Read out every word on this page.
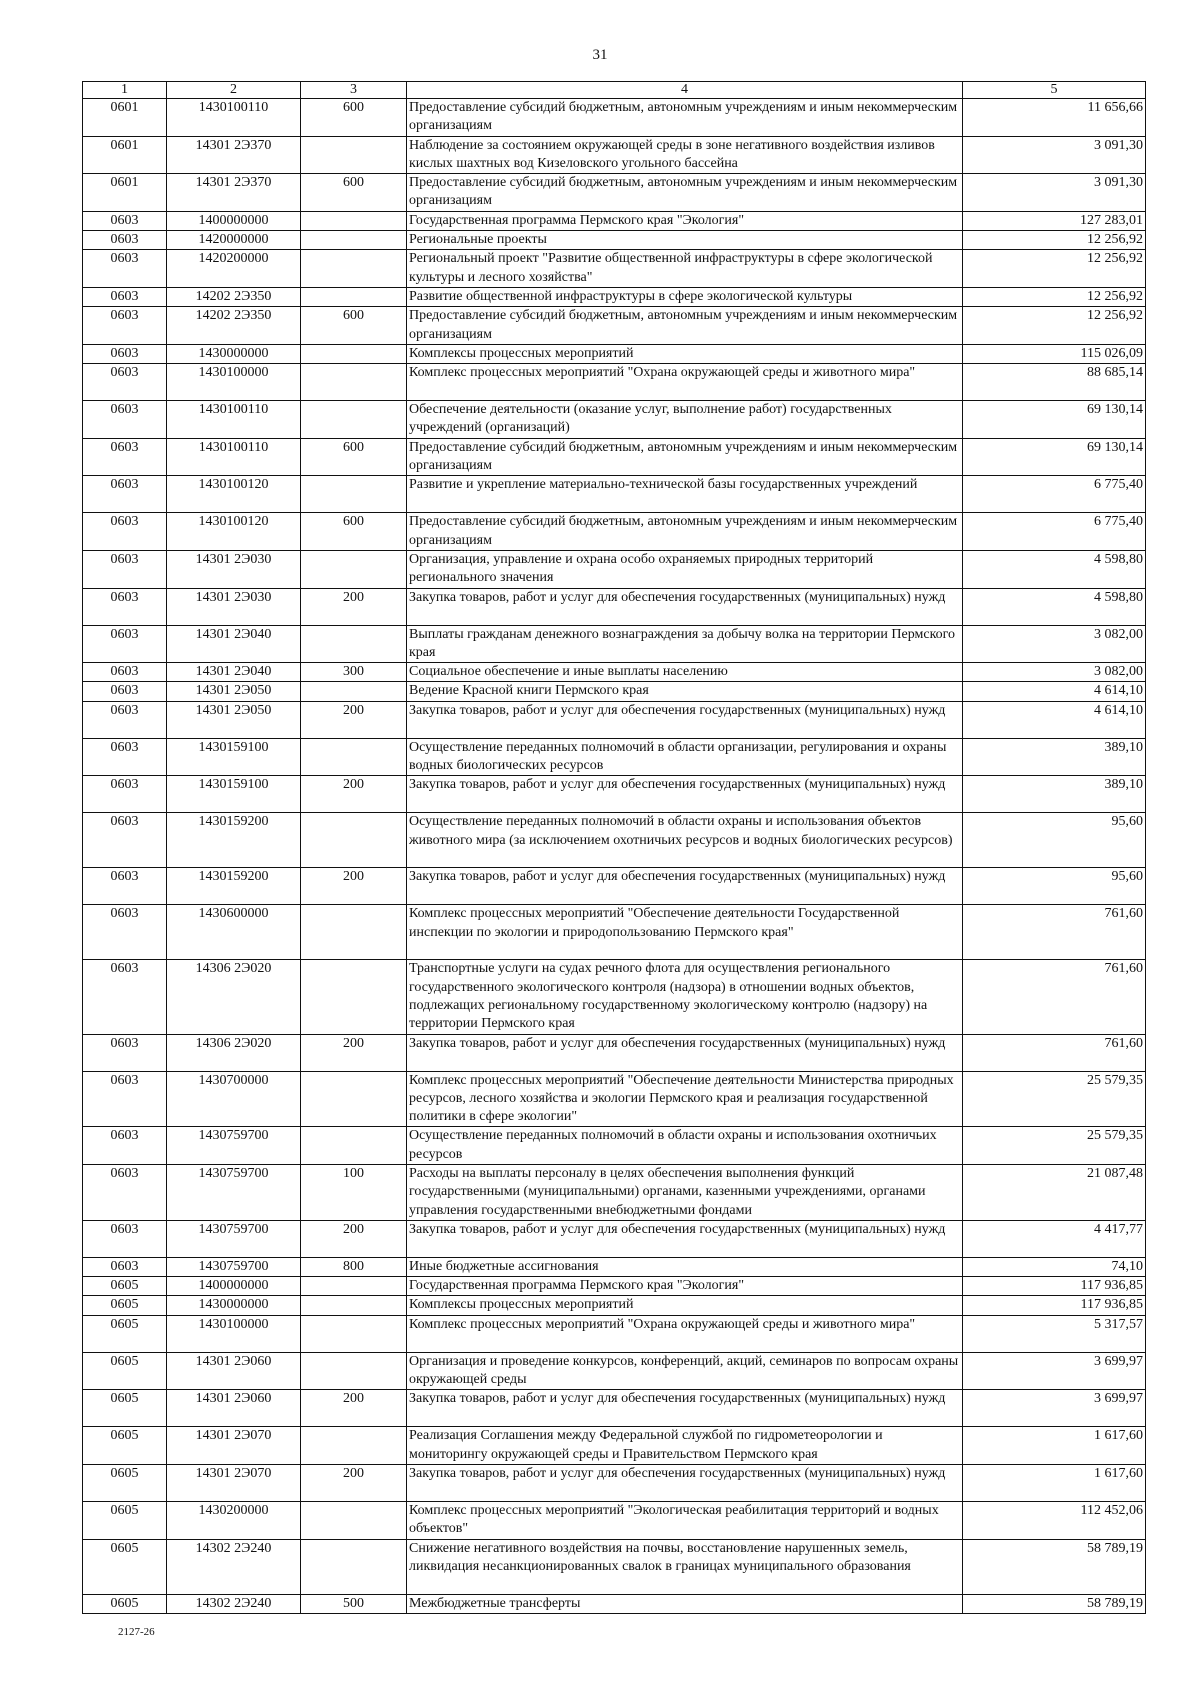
31
1	2	3	4	5
0601	1430100110	600	Предоставление субсидий бюджетным, автономным учреждениям и иным некоммерческим организациям	11 656,66
0601	14301 2Э370		Наблюдение за состоянием окружающей среды в зоне негативного воздействия изливов кислых шахтных вод Кизеловского угольного бассейна	3 091,30
0601	14301 2Э370	600	Предоставление субсидий бюджетным, автономным учреждениям и иным некоммерческим организациям	3 091,30
0603	1400000000		Государственная программа Пермского края "Экология"	127 283,01
0603	1420000000		Региональные проекты	12 256,92
0603	1420200000		Региональный проект "Развитие общественной инфраструктуры в сфере экологической культуры и лесного хозяйства"	12 256,92
0603	14202 2Э350		Развитие общественной инфраструктуры в сфере экологической культуры	12 256,92
0603	14202 2Э350	600	Предоставление субсидий бюджетным, автономным учреждениям и иным некоммерческим организациям	12 256,92
0603	1430000000		Комплексы процессных мероприятий	115 026,09
0603	1430100000		Комплекс процессных мероприятий "Охрана окружающей среды и животного мира"	88 685,14
0603	1430100110		Обеспечение деятельности (оказание услуг, выполнение работ) государственных учреждений (организаций)	69 130,14
0603	1430100110	600	Предоставление субсидий бюджетным, автономным учреждениям и иным некоммерческим организациям	69 130,14
0603	1430100120		Развитие и укрепление материально-технической базы государственных учреждений	6 775,40
0603	1430100120	600	Предоставление субсидий бюджетным, автономным учреждениям и иным некоммерческим организациям	6 775,40
0603	14301 2Э030		Организация, управление и охрана особо охраняемых природных территорий регионального значения	4 598,80
0603	14301 2Э030	200	Закупка товаров, работ и услуг для обеспечения государственных (муниципальных) нужд	4 598,80
0603	14301 2Э040		Выплаты гражданам денежного вознаграждения за добычу волка на территории Пермского края	3 082,00
0603	14301 2Э040	300	Социальное обеспечение и иные выплаты населению	3 082,00
0603	14301 2Э050		Ведение Красной книги Пермского края	4 614,10
0603	14301 2Э050	200	Закупка товаров, работ и услуг для обеспечения государственных (муниципальных) нужд	4 614,10
0603	1430159100		Осуществление переданных полномочий в области организации, регулирования и охраны водных биологических ресурсов	389,10
0603	1430159100	200	Закупка товаров, работ и услуг для обеспечения государственных (муниципальных) нужд	389,10
0603	1430159200		Осуществление переданных полномочий в области охраны и использования объектов животного мира (за исключением охотничьих ресурсов и водных биологических ресурсов)	95,60
0603	1430159200	200	Закупка товаров, работ и услуг для обеспечения государственных (муниципальных) нужд	95,60
0603	1430600000		Комплекс процессных мероприятий "Обеспечение деятельности Государственной инспекции по экологии и природопользованию Пермского края"	761,60
0603	14306 2Э020		Транспортные услуги на судах речного флота для осуществления регионального государственного экологического контроля (надзора) в отношении водных объектов, подлежащих региональному государственному экологическому контролю (надзору) на территории Пермского края	761,60
0603	14306 2Э020	200	Закупка товаров, работ и услуг для обеспечения государственных (муниципальных) нужд	761,60
0603	1430700000		Комплекс процессных мероприятий "Обеспечение деятельности Министерства природных ресурсов, лесного хозяйства и экологии Пермского края и реализация государственной политики в сфере экологии"	25 579,35
0603	1430759700		Осуществление переданных полномочий в области охраны и использования охотничьих ресурсов	25 579,35
0603	1430759700	100	Расходы на выплаты персоналу в целях обеспечения выполнения функций государственными (муниципальными) органами, казенными учреждениями, органами управления государственными внебюджетными фондами	21 087,48
0603	1430759700	200	Закупка товаров, работ и услуг для обеспечения государственных (муниципальных) нужд	4 417,77
0603	1430759700	800	Иные бюджетные ассигнования	74,10
0605	1400000000		Государственная программа Пермского края "Экология"	117 936,85
0605	1430000000		Комплексы процессных мероприятий	117 936,85
0605	1430100000		Комплекс процессных мероприятий "Охрана окружающей среды и животного мира"	5 317,57
0605	14301 2Э060		Организация и проведение конкурсов, конференций, акций, семинаров по вопросам охраны окружающей среды	3 699,97
0605	14301 2Э060	200	Закупка товаров, работ и услуг для обеспечения государственных (муниципальных) нужд	3 699,97
0605	14301 2Э070		Реализация Соглашения между Федеральной службой по гидрометеорологии и мониторингу окружающей среды и Правительством Пермского края	1 617,60
0605	14301 2Э070	200	Закупка товаров, работ и услуг для обеспечения государственных (муниципальных) нужд	1 617,60
0605	1430200000		Комплекс процессных мероприятий "Экологическая реабилитация территорий и водных объектов"	112 452,06
0605	14302 2Э240		Снижение негативного воздействия на почвы, восстановление нарушенных земель, ликвидация несанкционированных свалок в границах муниципального образования	58 789,19
0605	14302 2Э240	500	Межбюджетные трансферты	58 789,19
2127-26
